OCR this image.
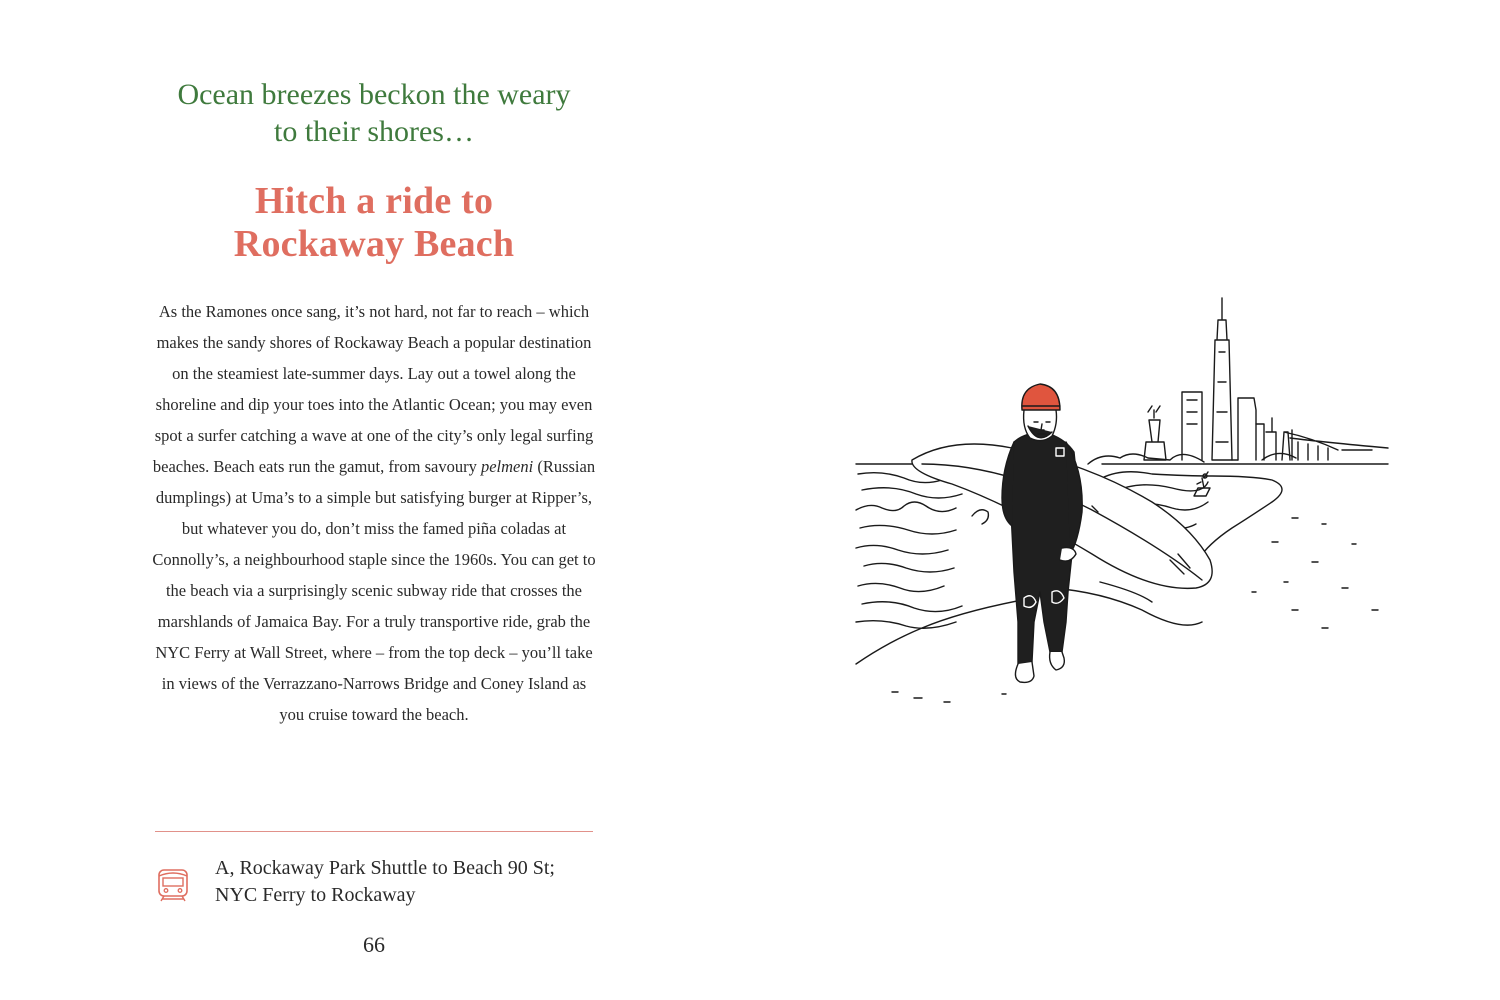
Ocean breezes beckon the weary
to their shores…
Hitch a ride to
Rockaway Beach

As the Ramones once sang, it’s not hard, not far to reach – which makes the sandy shores of Rockaway Beach a popular destination on the steamiest late-summer days. Lay out a towel along the shoreline and dip your toes into the Atlantic Ocean; you may even spot a surfer catching a wave at one of the city’s only legal surfing beaches. Beach eats run the gamut, from savoury pelmeni (Russian dumplings) at Uma’s to a simple but satisfying burger at Ripper’s, but whatever you do, don’t miss the famed piña coladas at Connolly’s, a neighbourhood staple since the 1960s. You can get to the beach via a surprisingly scenic subway ride that crosses the marshlands of Jamaica Bay. For a truly transportive ride, grab the NYC Ferry at Wall Street, where – from the top deck – you’ll take in views of the Verrazzano-Narrows Bridge and Coney Island as you cruise toward the beach.

A, Rockaway Park Shuttle to Beach 90 St;
NYC Ferry to Rockaway
66
